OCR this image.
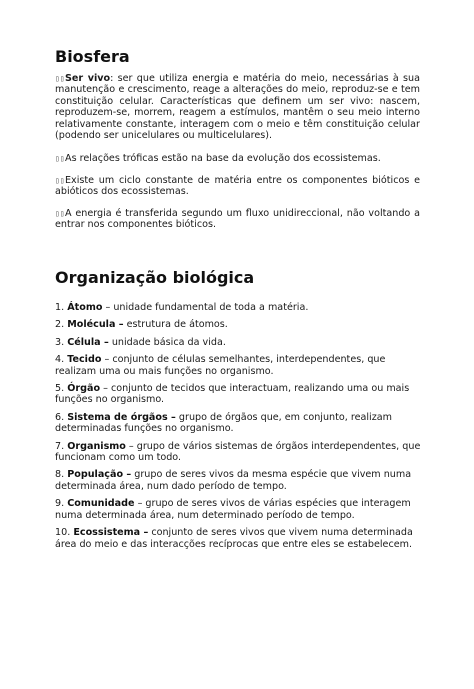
Biosfera

▯▯Ser vivo: ser que utiliza energia e matéria do meio, necessárias à sua manutenção e crescimento, reage a alterações do meio, reproduz-se e tem constituição celular. Características que definem um ser vivo: nascem, reproduzem-se, morrem, reagem a estímulos, mantêm o seu meio interno relativamente constante, interagem com o meio e têm constituição celular (podendo ser unicelulares ou multicelulares).

▯▯As relações tróficas estão na base da evolução dos ecossistemas.

▯▯Existe um ciclo constante de matéria entre os componentes bióticos e abióticos dos ecossistemas.

▯▯A energia é transferida segundo um fluxo unidireccional, não voltando a entrar nos componentes bióticos.

Organização biológica
1. Átomo – unidade fundamental de toda a matéria.
2. Molécula – estrutura de átomos.
3. Célula – unidade básica da vida.
4. Tecido – conjunto de células semelhantes, interdependentes, que realizam uma ou mais funções no organismo.
5. Órgão – conjunto de tecidos que interactuam, realizando uma ou mais funções no organismo.
6. Sistema de órgãos – grupo de órgãos que, em conjunto, realizam determinadas funções no organismo.
7. Organismo – grupo de vários sistemas de órgãos interdependentes, que funcionam como um todo.
8. População – grupo de seres vivos da mesma espécie que vivem numa determinada área, num dado período de tempo.
9. Comunidade – grupo de seres vivos de várias espécies que interagem numa determinada área, num determinado período de tempo.
10. Ecossistema – conjunto de seres vivos que vivem numa determinada área do meio e das interacções recíprocas que entre eles se estabelecem.
